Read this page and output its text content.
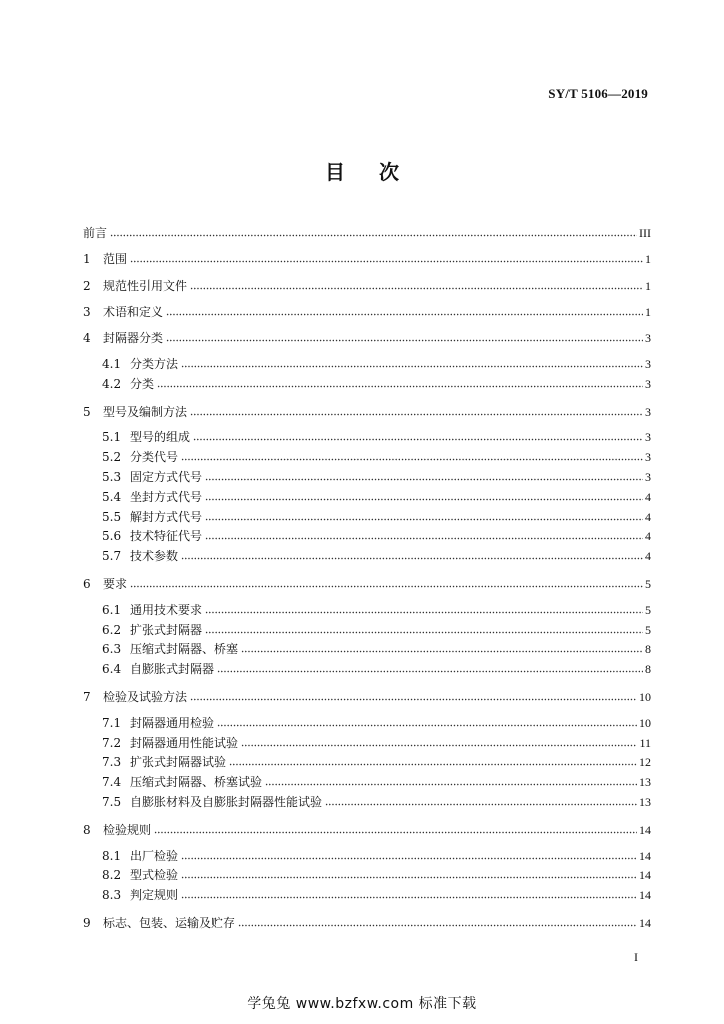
SY/T 5106—2019
目次
前言	III
1	范围	1
2	规范性引用文件	1
3	术语和定义	1
4	封隔器分类	3
4.1 分类方法	3
4.2 分类	3
5	型号及编制方法	3
5.1 型号的组成	3
5.2 分类代号	3
5.3 固定方式代号	3
5.4 坐封方式代号	4
5.5 解封方式代号	4
5.6 技术特征代号	4
5.7 技术参数	4
6	要求	5
6.1 通用技术要求	5
6.2 扩张式封隔器	5
6.3 压缩式封隔器、桥塞	8
6.4 自膨胀式封隔器	8
7	检验及试验方法	10
7.1 封隔器通用检验	10
7.2 封隔器通用性能试验	11
7.3 扩张式封隔器试验	12
7.4 压缩式封隔器、桥塞试验	13
7.5 自膨胀材料及自膨胀封隔器性能试验	13
8	检验规则	14
8.1 出厂检验	14
8.2 型式检验	14
8.3 判定规则	14
9	标志、包装、运输及贮存	14
I
学兔兔 www.bzfxw.com 标准下载
